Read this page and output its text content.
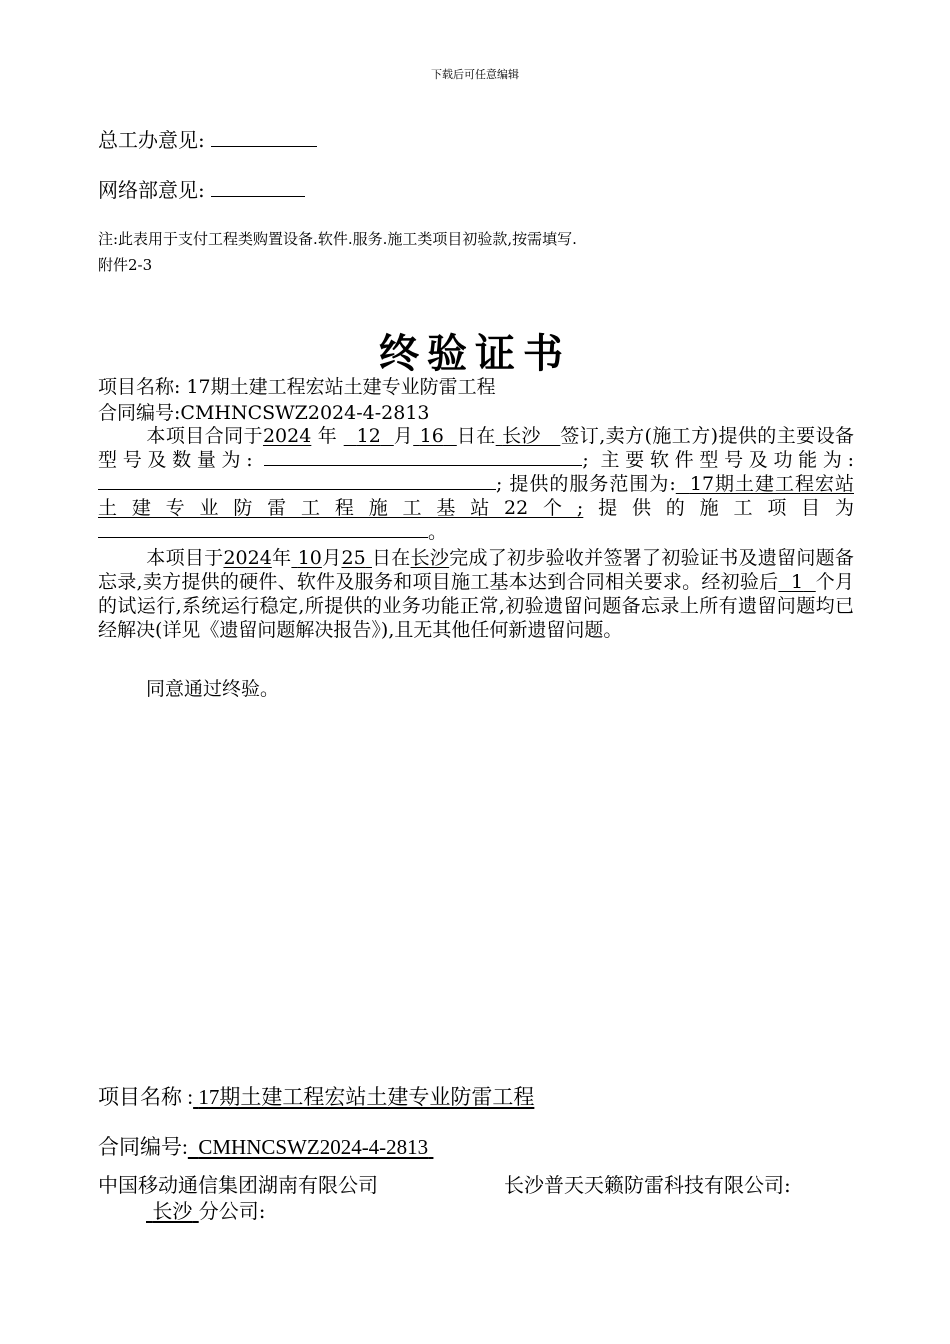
下载后可任意编辑
总工办意见:
网络部意见:
注:此表用于支付工程类购置设备.软件.服务.施工类项目初验款,按需填写.
附件2-3
终验证书
项目名称: 17期土建工程宏站土建专业防雷工程
合同编号:CMHNCSWZ2024-4-2813
本项目合同于2024 年 12 月 16 日在 长沙 签订,卖方(施工方)提供的主要设备型号及数量为:	; 主要软件型号及功能为: ; 提供的服务范围为: 17期土建工程宏站土建专业防雷工程施工基站22个;提供的施工项目为。
本项目于2024年 10月25 日在长沙完成了初步验收并签署了初验证书及遗留问题备忘录,卖方提供的硬件、软件及服务和项目施工基本达到合同相关要求。经初验后 1 个月的试运行,系统运行稳定,所提供的业务功能正常,初验遗留问题备忘录上所有遗留问题均已经解决(详见《遗留问题解决报告》),且无其他任何新遗留问题。
同意通过终验。
项目名称 : 17期土建工程宏站土建专业防雷工程
合同编号: CMHNCSWZ2024-4-2813
中国移动通信集团湖南有限公司	长沙普天天籁防雷科技有限公司:
长沙 分公司:
